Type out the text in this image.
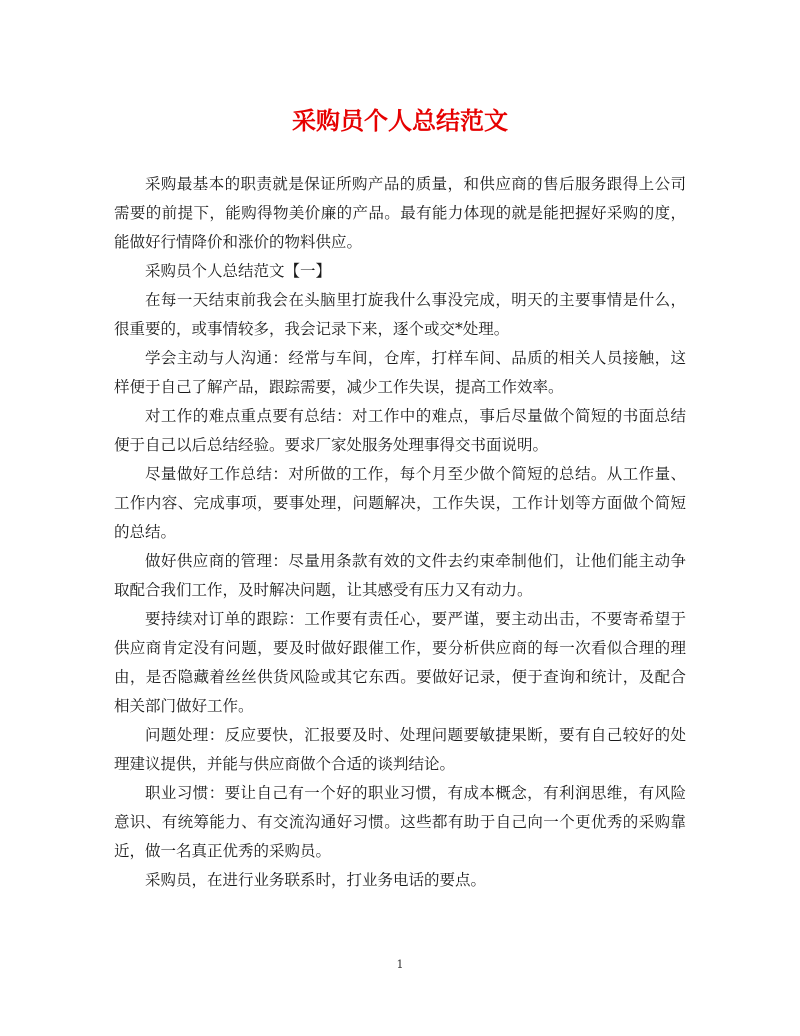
采购员个人总结范文

采购最基本的职责就是保证所购产品的质量，和供应商的售后服务跟得上公司需要的前提下，能购得物美价廉的产品。最有能力体现的就是能把握好采购的度，能做好行情降价和涨价的物料供应。

采购员个人总结范文【一】

在每一天结束前我会在头脑里打旋我什么事没完成，明天的主要事情是什么，很重要的，或事情较多，我会记录下来，逐个或交*处理。

学会主动与人沟通：经常与车间，仓库，打样车间、品质的相关人员接触，这样便于自己了解产品，跟踪需要，减少工作失误，提高工作效率。

对工作的难点重点要有总结：对工作中的难点，事后尽量做个简短的书面总结便于自己以后总结经验。要求厂家处服务处理事得交书面说明。

尽量做好工作总结：对所做的工作，每个月至少做个简短的总结。从工作量、工作内容、完成事项，要事处理，问题解决，工作失误，工作计划等方面做个简短的总结。

做好供应商的管理：尽量用条款有效的文件去约束牵制他们，让他们能主动争取配合我们工作，及时解决问题，让其感受有压力又有动力。

要持续对订单的跟踪：工作要有责任心，要严谨，要主动出击，不要寄希望于供应商肯定没有问题，要及时做好跟催工作，要分析供应商的每一次看似合理的理由，是否隐藏着丝丝供货风险或其它东西。要做好记录，便于查询和统计，及配合相关部门做好工作。

问题处理：反应要快，汇报要及时、处理问题要敏捷果断，要有自己较好的处理建议提供，并能与供应商做个合适的谈判结论。

职业习惯：要让自己有一个好的职业习惯，有成本概念，有利润思维，有风险意识、有统筹能力、有交流沟通好习惯。这些都有助于自己向一个更优秀的采购靠近，做一名真正优秀的采购员。

采购员，在进行业务联系时，打业务电话的要点。

1
